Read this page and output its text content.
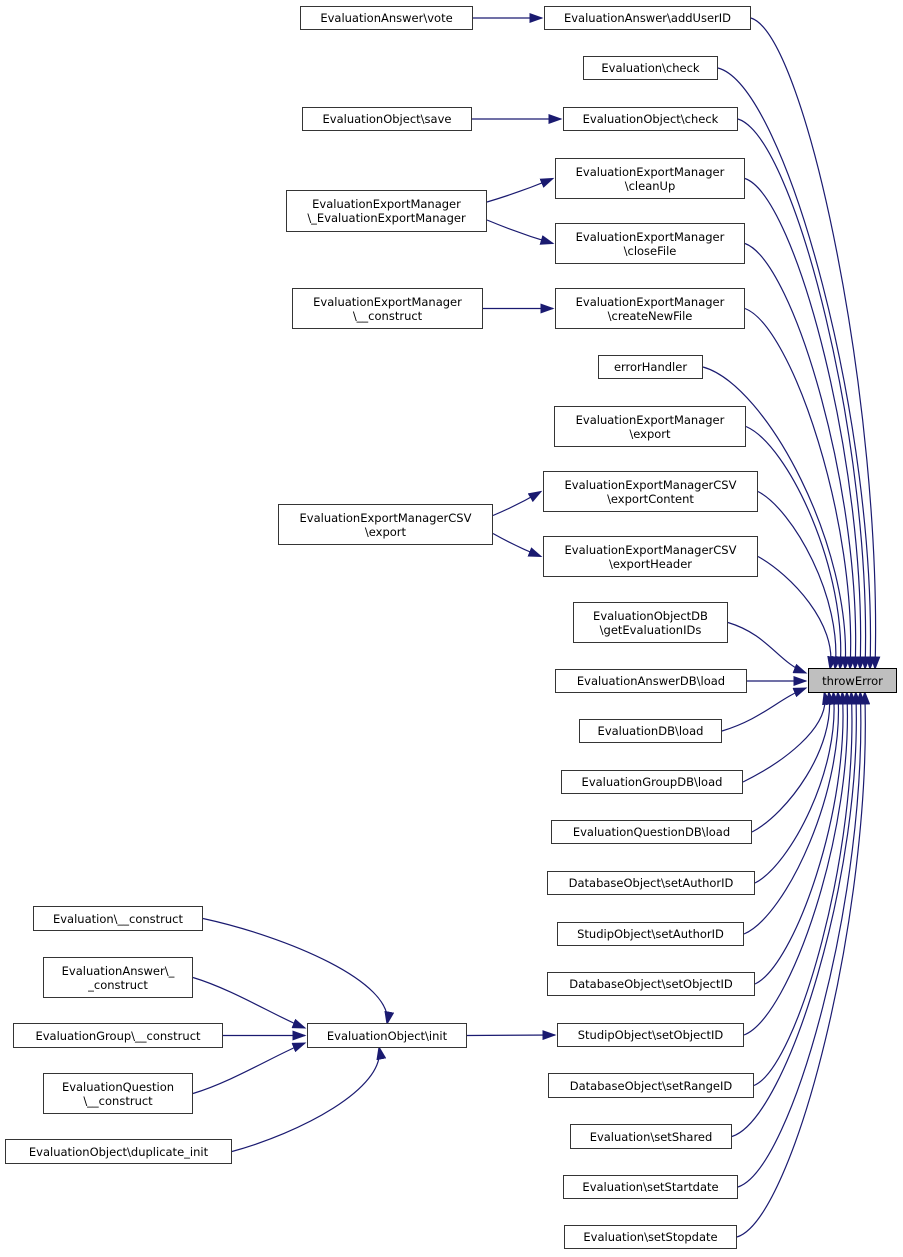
EvaluationAnswer\vote	EvaluationAnswer\addUserID
Evaluation\check
EvaluationObject\save	EvaluationObject\check
EvaluationExportManager
\cleanUp
EvaluationExportManager
\_EvaluationExportManager
EvaluationExportManager
\closeFile
EvaluationExportManager
\__construct
EvaluationExportManager
\createNewFile
errorHandler
EvaluationExportManager
\export
EvaluationExportManagerCSV
\exportContent
EvaluationExportManagerCSV
\export
EvaluationExportManagerCSV
\exportHeader
EvaluationObjectDB
\getEvaluationIDs
EvaluationAnswerDB\load	throwError
EvaluationDB\load
EvaluationGroupDB\load
EvaluationQuestionDB\load
DatabaseObject\setAuthorID
StudipObject\setAuthorID
DatabaseObject\setObjectID
StudipObject\setObjectID
DatabaseObject\setRangeID
Evaluation\setShared
Evaluation\setStartdate
Evaluation\setStopdate
Evaluation\__construct
EvaluationAnswer\_
_construct
EvaluationGroup\__construct
EvaluationQuestion
\__construct
EvaluationObject\duplicate_init
EvaluationObject\init
